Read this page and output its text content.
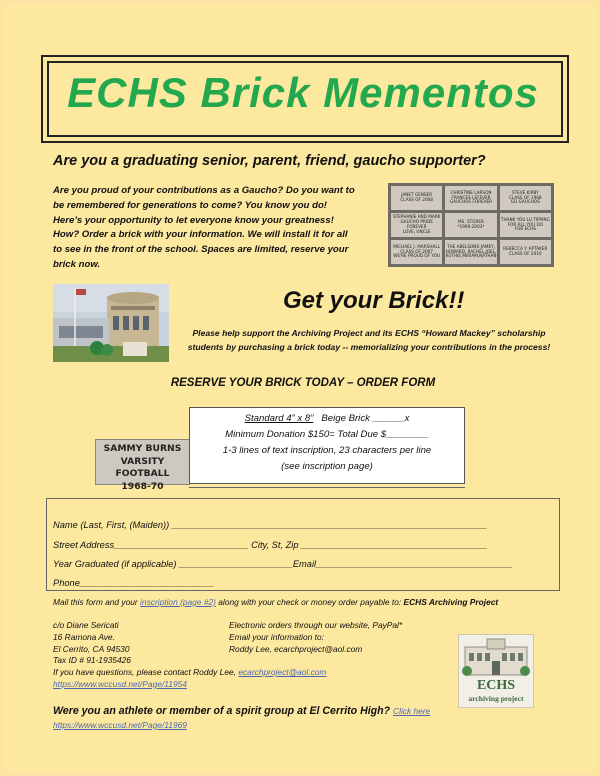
ECHS Brick Mementos
Are you a graduating senior, parent, friend, gaucho supporter?
Are you proud of your contributions as a Gaucho? Do you want to
be remembered for generations to come? You know you do!
Here’s your opportunity to let everyone know your greatness!
How? Order a brick with your information. We will install it for all
to see in the front of the school. Spaces are limited, reserve your
brick now.
JANET GENSER
CLASS OF 2008
CHRISTINE LARSON
FRANCES LEFEVER
GAUCHOS FOREVER
STEVE KIRBY
CLASS OF 1968
GO GAUCHOS
STEPHANIE AND MARK
GAUCHO PRIDE FOREVER
LOVE, UNCLE
MS. STORER
*1990-2003*
THANK YOU LU TIPPING
FOR ALL YOU DO
FOR ECHS
MICHAEL J. MARSHALL
CLASS OF 2007
WE'RE PROUD OF YOU
THE ABELSONS-JAMEY,
HOWARD, RACHEL,JOEL,
RUTHIE,MIRIAM,NATHAN
REBECCA Y. APTAKER
CLASS OF 2010
Get your Brick!!
Please help support the Archiving Project and its ECHS “Howard Mackey” scholarship
students by purchasing a brick today -- memorializing your contributions in the process!
RESERVE YOUR BRICK TODAY – ORDER FORM
SAMMY BURNS
VARSITY FOOTBALL
1968-70
Standard 4” x 8”   Beige Brick ______x
Minimum Donation $150= Total Due $________
1-3 lines of text inscription, 23 characters per line
(see inscription page)
Name (Last, First, (Maiden)) _____________________________________________________________
Street Address__________________________ City, St, Zip ____________________________________
Year Graduated (if applicable) ______________________Email______________________________________
Phone__________________________
Mail this form and your inscription (page #2) along with your check or money order payable to: ECHS Archiving Project
c/o Diane Sericati
16 Ramona Ave.
El Cerrito, CA 94530
Tax ID # 91-1935426
If you have questions, please contact Roddy Lee, ecarchproject@aol.com
https://www.wccusd.net/Page/11954
Electronic orders through our website, PayPal*
Email your information to:
Roddy Lee, ecarchproject@aol.com
ECHS
archiving project
Were you an athlete or member of a spirit group at El Cerrito High? Click here
https://www.wccusd.net/Page/11969
